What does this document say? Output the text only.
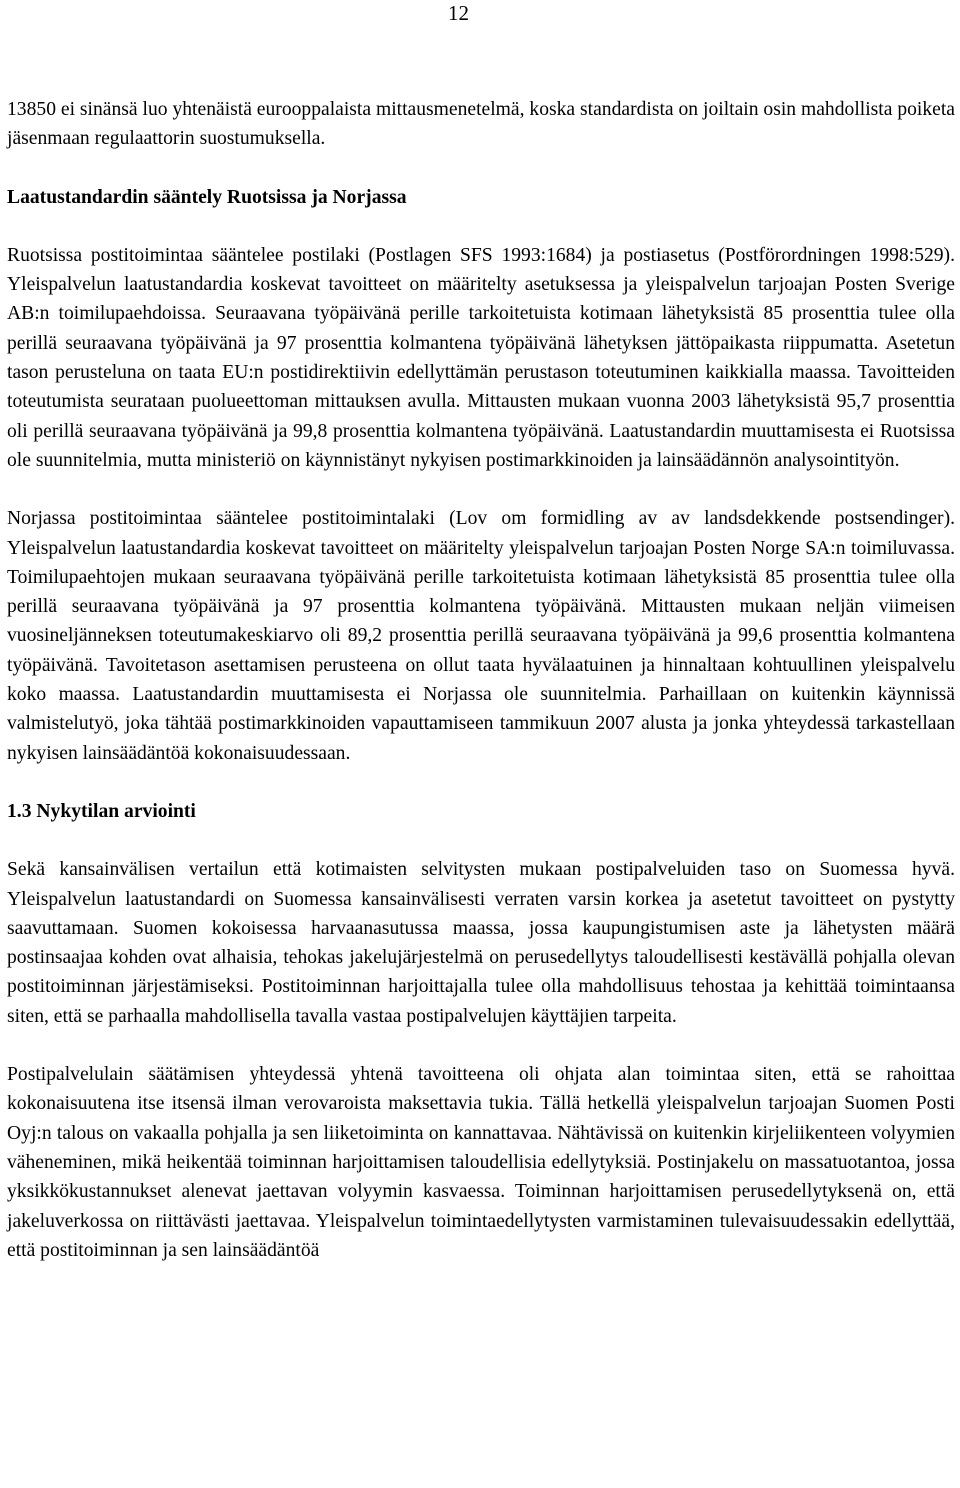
12

13850 ei sinänsä luo yhtenäistä eurooppalaista mittausmenetelmä, koska standardista on joiltain osin mahdollista poiketa jäsenmaan regulaattorin suostumuksella.

Laatustandardin sääntely Ruotsissa ja Norjassa

Ruotsissa postitoimintaa sääntelee postilaki (Postlagen SFS 1993:1684) ja postiasetus (Postförordningen 1998:529). Yleispalvelun laatustandardia koskevat tavoitteet on määritelty asetuksessa ja yleispalvelun tarjoajan Posten Sverige AB:n toimilupaehdoissa. Seuraavana työpäivänä perille tarkoitetuista kotimaan lähetyksistä 85 prosenttia tulee olla perillä seuraavana työpäivänä ja 97 prosenttia kolmantena työpäivänä lähetyksen jättöpaikasta riippumatta. Asetetun tason perusteluna on taata EU:n postidirektiivin edellyttämän perustason toteutuminen kaikkialla maassa. Tavoitteiden toteutumista seurataan puolueettoman mittauksen avulla. Mittausten mukaan vuonna 2003 lähetyksistä 95,7 prosenttia oli perillä seuraavana työpäivänä ja 99,8 prosenttia kolmantena työpäivänä. Laatustandardin muuttamisesta ei Ruotsissa ole suunnitelmia, mutta ministeriö on käynnistänyt nykyisen postimarkkinoiden ja lainsäädännön analysointityön.

Norjassa postitoimintaa sääntelee postitoimintalaki (Lov om formidling av av landsdekkende postsendinger). Yleispalvelun laatustandardia koskevat tavoitteet on määritelty yleispalvelun tarjoajan Posten Norge SA:n toimiluvassa. Toimilupaehtojen mukaan seuraavana työpäivänä perille tarkoitetuista kotimaan lähetyksistä 85 prosenttia tulee olla perillä seuraavana työpäivänä ja 97 prosenttia kolmantena työpäivänä. Mittausten mukaan neljän viimeisen vuosineljänneksen toteutumakeskiarvo oli 89,2 prosenttia perillä seuraavana työpäivänä ja 99,6 prosenttia kolmantena työpäivänä. Tavoitetason asettamisen perusteena on ollut taata hyvälaatuinen ja hinnaltaan kohtuullinen yleispalvelu koko maassa. Laatustandardin muuttamisesta ei Norjassa ole suunnitelmia. Parhaillaan on kuitenkin käynnissä valmistelutyö, joka tähtää postimarkkinoiden vapauttamiseen tammikuun 2007 alusta ja jonka yhteydessä tarkastellaan nykyisen lainsäädäntöä kokonaisuudessaan.

1.3 Nykytilan arviointi

Sekä kansainvälisen vertailun että kotimaisten selvitysten mukaan postipalveluiden taso on Suomessa hyvä. Yleispalvelun laatustandardi on Suomessa kansainvälisesti verraten varsin korkea ja asetetut tavoitteet on pystytty saavuttamaan. Suomen kokoisessa harvaanasutussa maassa, jossa kaupungistumisen aste ja lähetysten määrä postinsaajaa kohden ovat alhaisia, tehokas jakelujärjestelmä on perusedellytys taloudellisesti kestävällä pohjalla olevan postitoiminnan järjestämiseksi. Postitoiminnan harjoittajalla tulee olla mahdollisuus tehostaa ja kehittää toimintaansa siten, että se parhaalla mahdollisella tavalla vastaa postipalvelujen käyttäjien tarpeita.

Postipalvelulain säätämisen yhteydessä yhtenä tavoitteena oli ohjata alan toimintaa siten, että se rahoittaa kokonaisuutena itse itsensä ilman verovaroista maksettavia tukia. Tällä hetkellä yleispalvelun tarjoajan Suomen Posti Oyj:n talous on vakaalla pohjalla ja sen liiketoiminta on kannattavaa. Nähtävissä on kuitenkin kirjeliikenteen volyymien väheneminen, mikä heikentää toiminnan harjoittamisen taloudellisia edellytyksiä. Postinjakelu on massatuotantoa, jossa yksikkökustannukset alenevat jaettavan volyymin kasvaessa. Toiminnan harjoittamisen perusedellytyksenä on, että jakeluverkossa on riittävästi jaettavaa. Yleispalvelun toimintaedellytysten varmistaminen tulevaisuudessakin edellyttää, että postitoiminnan ja sen lainsäädäntöä
